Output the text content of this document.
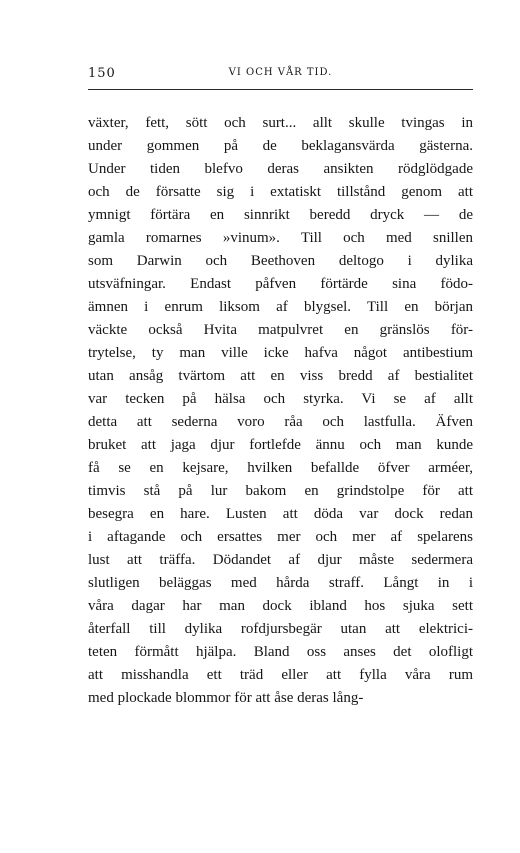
150	VI OCH VÅR TID.
växter, fett, sött och surt... allt skulle tvingas in
under gommen på de beklagansvärda gästerna.
Under tiden blefvo deras ansikten rödglödgade
och de försatte sig i extatiskt tillstånd genom att
ymnigt förtära en sinnrikt beredd dryck — de
gamla romarnes »vinum». Till och med snillen
som Darwin och Beethoven deltogo i dylika
utsväfningar. Endast påfven förtärde sina födo-
ämnen i enrum liksom af blygsel. Till en början
väckte också Hvita matpulvret en gränslös för-
trytelse, ty man ville icke hafva något antibestium
utan ansåg tvärtom att en viss bredd af bestialitet
var tecken på hälsa och styrka. Vi se af allt
detta att sederna voro råa och lastfulla. Äfven
bruket att jaga djur fortlefde ännu och man kunde
få se en kejsare, hvilken befallde öfver arméer,
timvis stå på lur bakom en grindstolpe för att
besegra en hare. Lusten att döda var dock redan
i aftagande och ersattes mer och mer af spelarens
lust att träffa. Dödandet af djur måste sedermera
slutligen beläggas med hårda straff. Långt in i
våra dagar har man dock ibland hos sjuka sett
återfall till dylika rofdjursbegär utan att elektrici-
teten förmått hjälpa. Bland oss anses det olofligt
att misshandla ett träd eller att fylla våra rum
med plockade blommor för att åse deras lång-
